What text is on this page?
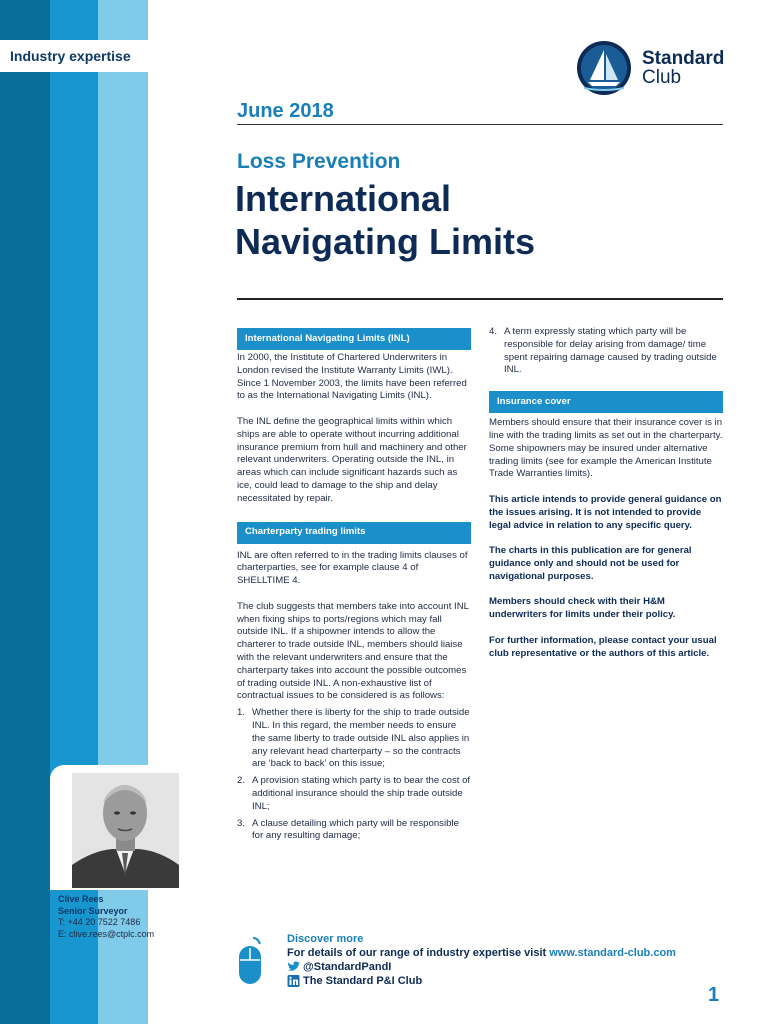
Industry expertise	Standard
Club
June 2018
Loss Prevention
International
Navigating Limits
International Navigating Limits (INL)

In 2000, the Institute of Chartered Underwriters in London revised the Institute Warranty Limits (IWL). Since 1 November 2003, the limits have been referred to as the International Navigating Limits (INL).

The INL define the geographical limits within which ships are able to operate without incurring additional insurance premium from hull and machinery and other relevant underwriters. Operating outside the INL, in areas which can include significant hazards such as ice, could lead to damage to the ship and delay necessitated by repair.

Charterparty trading limits

INL are often referred to in the trading limits clauses of charterparties, see for example clause 4 of SHELLTIME 4.

The club suggests that members take into account INL when fixing ships to ports/regions which may fall outside INL. If a shipowner intends to allow the charterer to trade outside INL, members should liaise with the relevant underwriters and ensure that the charterparty takes into account the possible outcomes of trading outside INL. A non-exhaustive list of contractual issues to be considered is as follows:

1. Whether there is liberty for the ship to trade outside INL. In this regard, the member needs to ensure the same liberty to trade outside INL also applies in any relevant head charterparty – so the contracts are ‘back to back’ on this issue;
2. A provision stating which party is to bear the cost of additional insurance should the ship trade outside INL;
3. A clause detailing which party will be responsible for any resulting damage;
4. A term expressly stating which party will be responsible for delay arising from damage/ time spent repairing damage caused by trading outside INL.
Insurance cover

Members should ensure that their insurance cover is in line with the trading limits as set out in the charterparty. Some shipowners may be insured under alternative trading limits (see for example the American Institute Trade Warranties limits).

This article intends to provide general guidance on the issues arising. It is not intended to provide legal advice in relation to any specific query.

The charts in this publication are for general guidance only and should not be used for navigational purposes.

Members should check with their H&M underwriters for limits under their policy.

For further information, please contact your usual club representative or the authors of this article.

Clive Rees
Senior Surveyor
T: +44 20 7522 7486
E: clive.rees@ctplc.com	Discover more
For details of our range of industry expertise visit www.standard-club.com
@StandardPandI
The Standard P&I Club
1
